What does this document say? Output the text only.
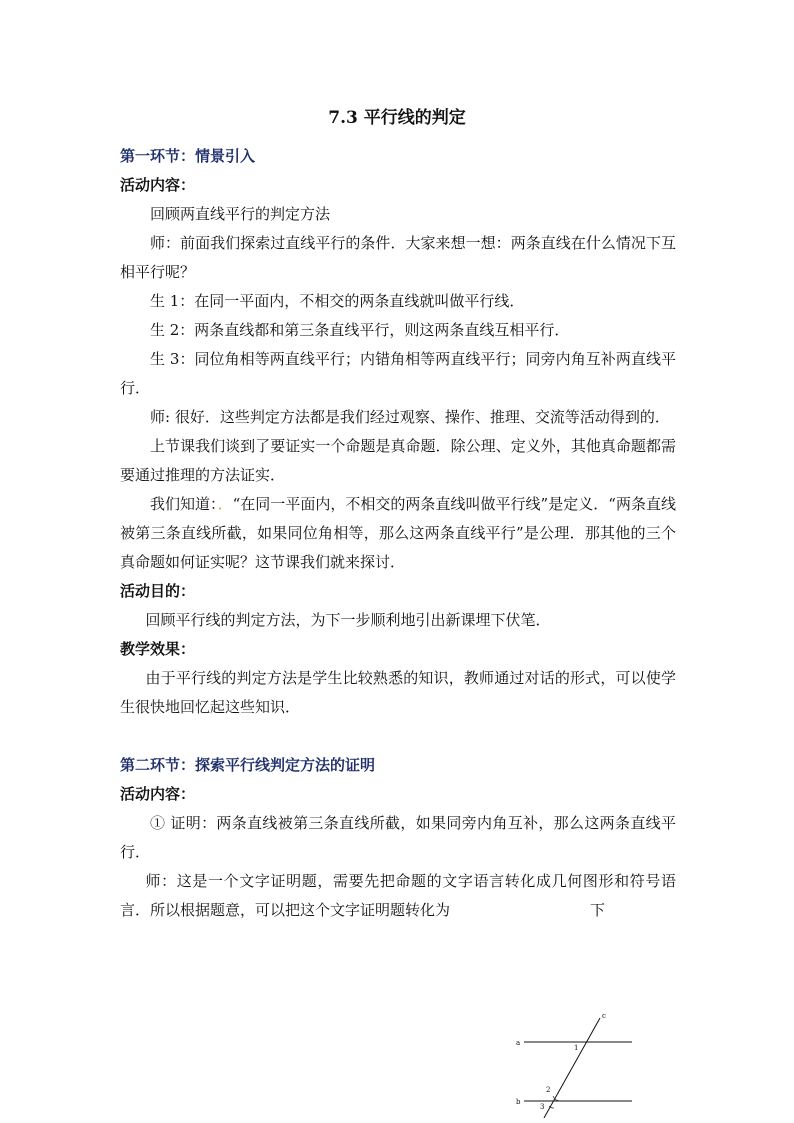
7.3 平行线的判定
第一环节：情景引入
活动内容：

回顾两直线平行的判定方法

师：前面我们探索过直线平行的条件．大家来想一想：两条直线在什么情况下互相平行呢？

生 1：在同一平面内，不相交的两条直线就叫做平行线．

生 2：两条直线都和第三条直线平行，则这两条直线互相平行．

生 3：同位角相等两直线平行；内错角相等两直线平行；同旁内角互补两直线平行．

师: 很好．这些判定方法都是我们经过观察、操作、推理、交流等活动得到的．

上节课我们谈到了要证实一个命题是真命题．除公理、定义外，其他真命题都需要通过推理的方法证实．

我们知道：．“在同一平面内，不相交的两条直线叫做平行线”是定义．“两条直线被第三条直线所截，如果同位角相等，那么这两条直线平行”是公理．那其他的三个真命题如何证实呢？这节课我们就来探讨．

活动目的：

回顾平行线的判定方法，为下一步顺利地引出新课埋下伏笔．

教学效果：

由于平行线的判定方法是学生比较熟悉的知识，教师通过对话的形式，可以使学生很快地回忆起这些知识．

第二环节：探索平行线判定方法的证明
活动内容：

① 证明：两条直线被第三条直线所截，如果同旁内角互补，那么这两条直线平行．

师：这是一个文字证明题，需要先把命题的文字语言转化成几何图形和符号语言．所以根据题意，可以把这个文字证明题转化为	下

a
b
c
1
2
3
